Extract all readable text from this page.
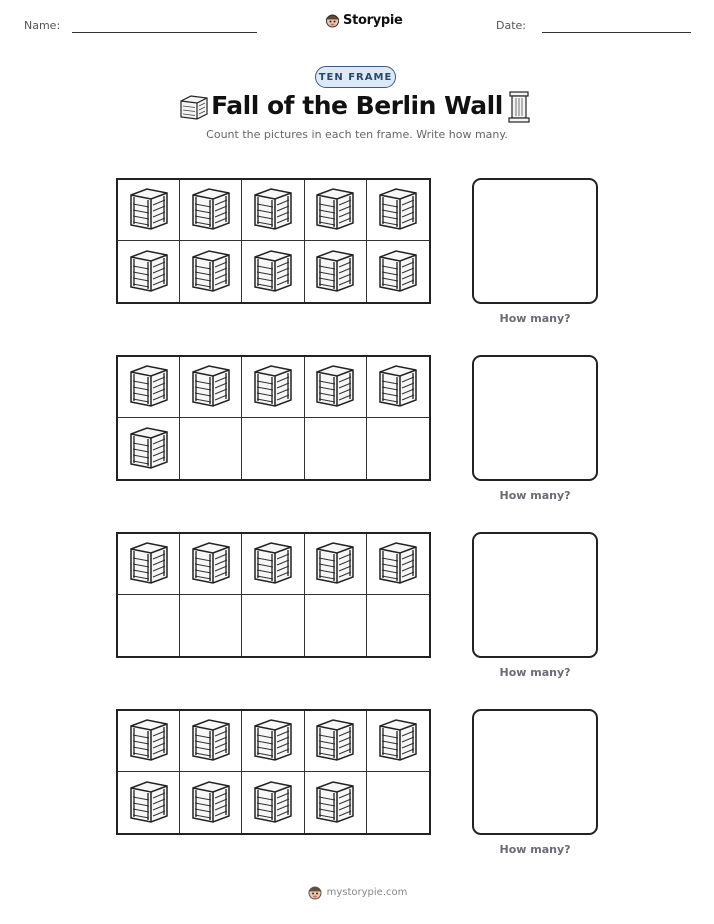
Name:	Storypie	Date:
TEN FRAME
Fall of the Berlin Wall
Count the pictures in each ten frame. Write how many.
How many?
How many?
How many?
How many?
mystorypie.com
